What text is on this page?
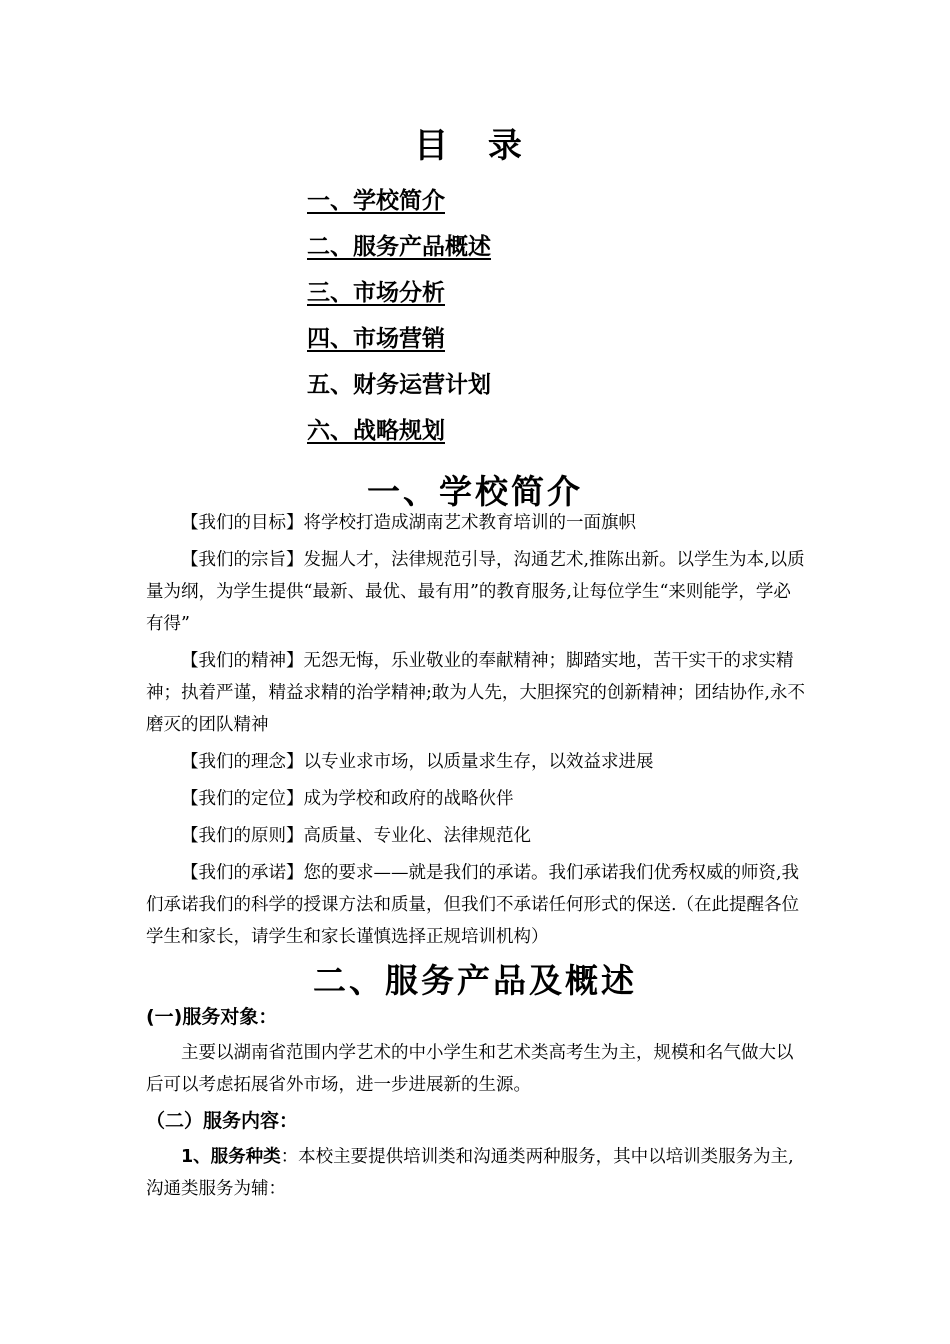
目 录
一、学校简介
二、服务产品概述
三、市场分析
四、市场营销
五、财务运营计划
六、战略规划
一、学校简介

【我们的目标】将学校打造成湖南艺术教育培训的一面旗帜

【我们的宗旨】发掘人才，法律规范引导，沟通艺术,推陈出新。以学生为本,以质量为纲，为学生提供“最新、最优、最有用”的教育服务,让每位学生“来则能学，学必有得”

【我们的精神】无怨无悔，乐业敬业的奉献精神；脚踏实地，苦干实干的求实精神；执着严谨，精益求精的治学精神;敢为人先，大胆探究的创新精神；团结协作,永不磨灭的团队精神

【我们的理念】以专业求市场，以质量求生存，以效益求进展

【我们的定位】成为学校和政府的战略伙伴

【我们的原则】高质量、专业化、法律规范化

【我们的承诺】您的要求——就是我们的承诺。我们承诺我们优秀权威的师资,我们承诺我们的科学的授课方法和质量，但我们不承诺任何形式的保送.（在此提醒各位学生和家长，请学生和家长谨慎选择正规培训机构）

二、服务产品及概述
(一)服务对象：

主要以湖南省范围内学艺术的中小学生和艺术类高考生为主，规模和名气做大以后可以考虑拓展省外市场，进一步进展新的生源。

（二）服务内容：

1、服务种类：本校主要提供培训类和沟通类两种服务，其中以培训类服务为主,沟通类服务为辅：
